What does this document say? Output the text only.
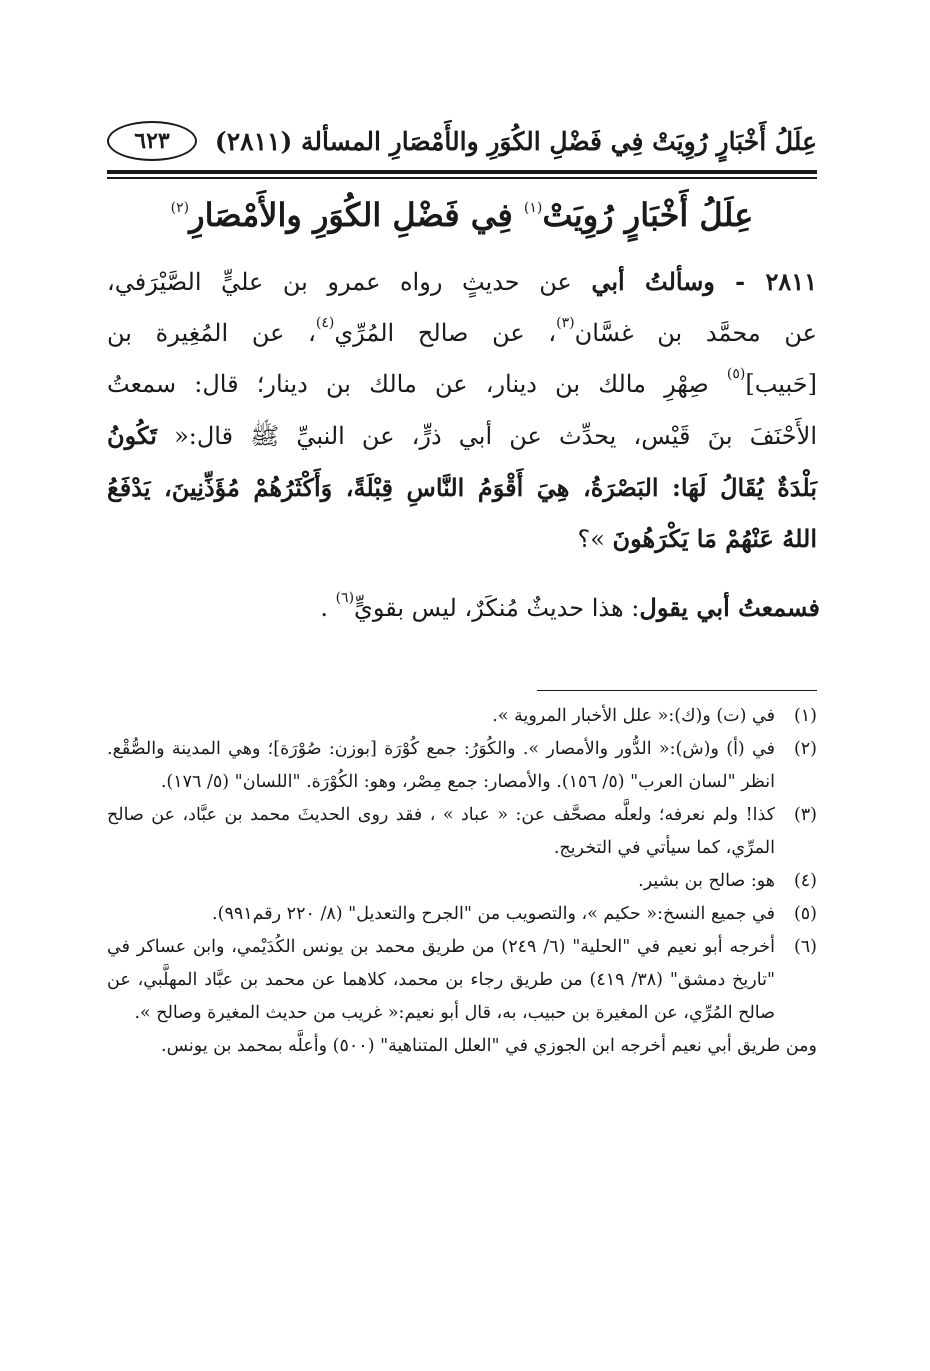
عِلَلُ أَخْبَارٍ رُوِيَتْ فِي فَضْلِ الكُوَرِ والأَمْصَارِ المسألة (٢٨١١)
٦٢٣
عِلَلُ أَخْبَارٍ رُوِيَتْ$^{(١)}$ فِي فَضْلِ الكُوَرِ والأَمْصَارِ$^{(٢)}$
٢٨١١ - وسألتُ أبي عن حديثٍ رواه عمرو بن عليٍّ الصَّيْرَفي،
عن محمَّد بن غسَّان$^{(٣)}$، عن صالح المُرِّي$^{(٤)}$، عن المُغِيرة بن
[حَبيب]$^{(٥)}$ صِهْرِ مالك بن دينار، عن مالك بن دينار؛ قال: سمعتُ
الأَحْنَفَ بنَ قَيْس، يحدِّث عن أبي ذرٍّ، عن النبيِّ ﷺ قال:« تَكُونُ
بَلْدَةٌ يُقَالُ لَهَا: البَصْرَةُ، هِيَ أَقْوَمُ النَّاسِ قِبْلَةً، وَأَكْثَرُهُمْ مُؤَذِّنِينَ، يَدْفَعُ
اللهُ عَنْهُمْ مَا يَكْرَهُونَ »؟
فسمعتُ أبي يقول: هذا حديثٌ مُنكَرٌ، ليس بقويٍّ$^{(٦)}$ .
(١)
في (ت) و(ك):« علل الأخبار المروية ».
(٢)
في (أ) و(ش):« الدُّور والأمصار ». والكُوَرُ: جمع كُوْرَة [بوزن: صُوْرَة]؛ وهي المدينة والصُّقْع. انظر "لسان العرب" (٥/ ١٥٦). والأمصار: جمع مِصْر، وهو: الكُوْرَة. "اللسان" (٥/ ١٧٦).
(٣)
كذا! ولم نعرفه؛ ولعلَّه مصحَّف عن: « عباد » ، فقد روى الحديثَ محمد بن عبَّاد، عن صالح المرِّي، كما سيأتي في التخريج.
(٤)
هو: صالح بن بشير.
(٥)
في جميع النسخ:« حكيم »، والتصويب من "الجرح والتعديل" (٨/ ٢٢٠ رقم٩٩١).
(٦)
أخرجه أبو نعيم في "الحلية" (٦/ ٢٤٩) من طريق محمد بن يونس الكُدَيْمي، وابن عساكر في "تاريخ دمشق" (٣٨/ ٤١٩) من طريق رجاء بن محمد، كلاهما عن محمد بن عبَّاد المهلَّبي، عن صالح المُرِّي، عن المغيرة بن حبيب، به، قال أبو نعيم:« غريب من حديث المغيرة وصالح ».
ومن طريق أبي نعيم أخرجه ابن الجوزي في "العلل المتناهية" (٥٠٠) وأعلَّه بمحمد بن يونس.
